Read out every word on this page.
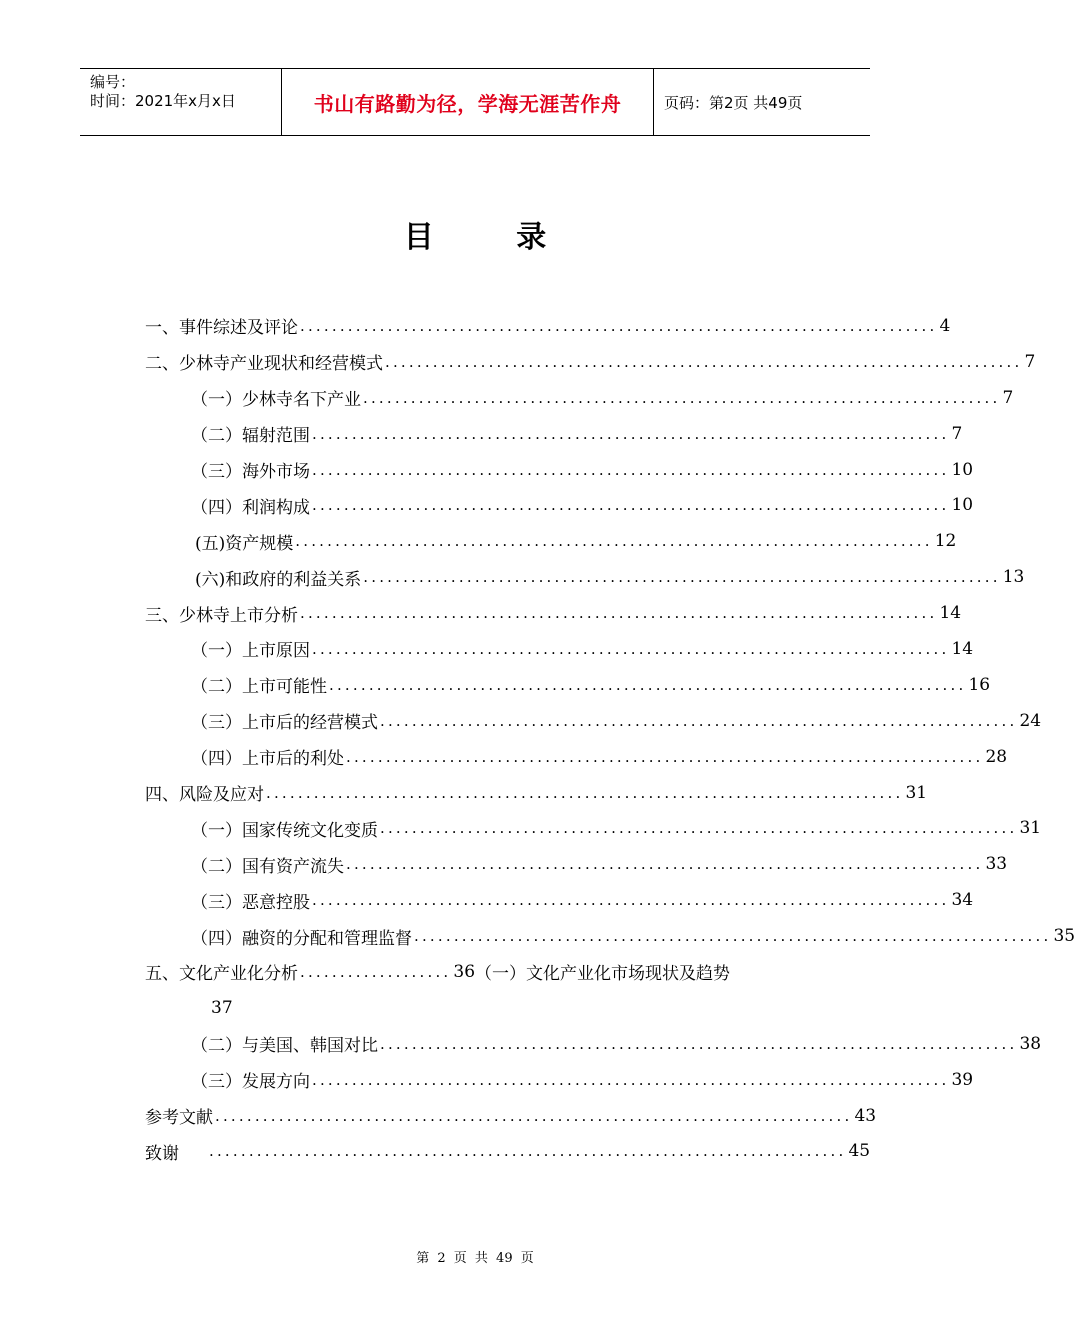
编号：
时间：2021年x月x日	书山有路勤为径，学海无涯苦作舟	页码：第2页 共49页
目 录
一、事件综述及评论 ................................................................................ 4
二、少林寺产业现状和经营模式 ................................................................................ 7
（一）少林寺名下产业 ................................................................................ 7
（二）辐射范围 ................................................................................ 7
（三）海外市场 ................................................................................ 10
（四）利润构成 ................................................................................ 10
(五)资产规模 ................................................................................ 12
(六)和政府的利益关系 ................................................................................ 13
三、少林寺上市分析 ................................................................................ 14
（一）上市原因 ................................................................................ 14
（二）上市可能性 ................................................................................ 16
（三）上市后的经营模式 ................................................................................ 24
（四）上市后的利处 ................................................................................ 28
四、风险及应对 ................................................................................ 31
（一）国家传统文化变质 ................................................................................ 31
（二）国有资产流失 ................................................................................ 33
（三）恶意控股 ................................................................................ 34
（四）融资的分配和管理监督 ................................................................................ 35
五、文化产业化分析 ................... 36 （一）文化产业化市场现状及趋势
37
（二）与美国、韩国对比 ................................................................................ 38
（三）发展方向 ................................................................................ 39
参考文献 ................................................................................ 43
致谢 ................................................................................ 45
第 2 页 共 49 页
